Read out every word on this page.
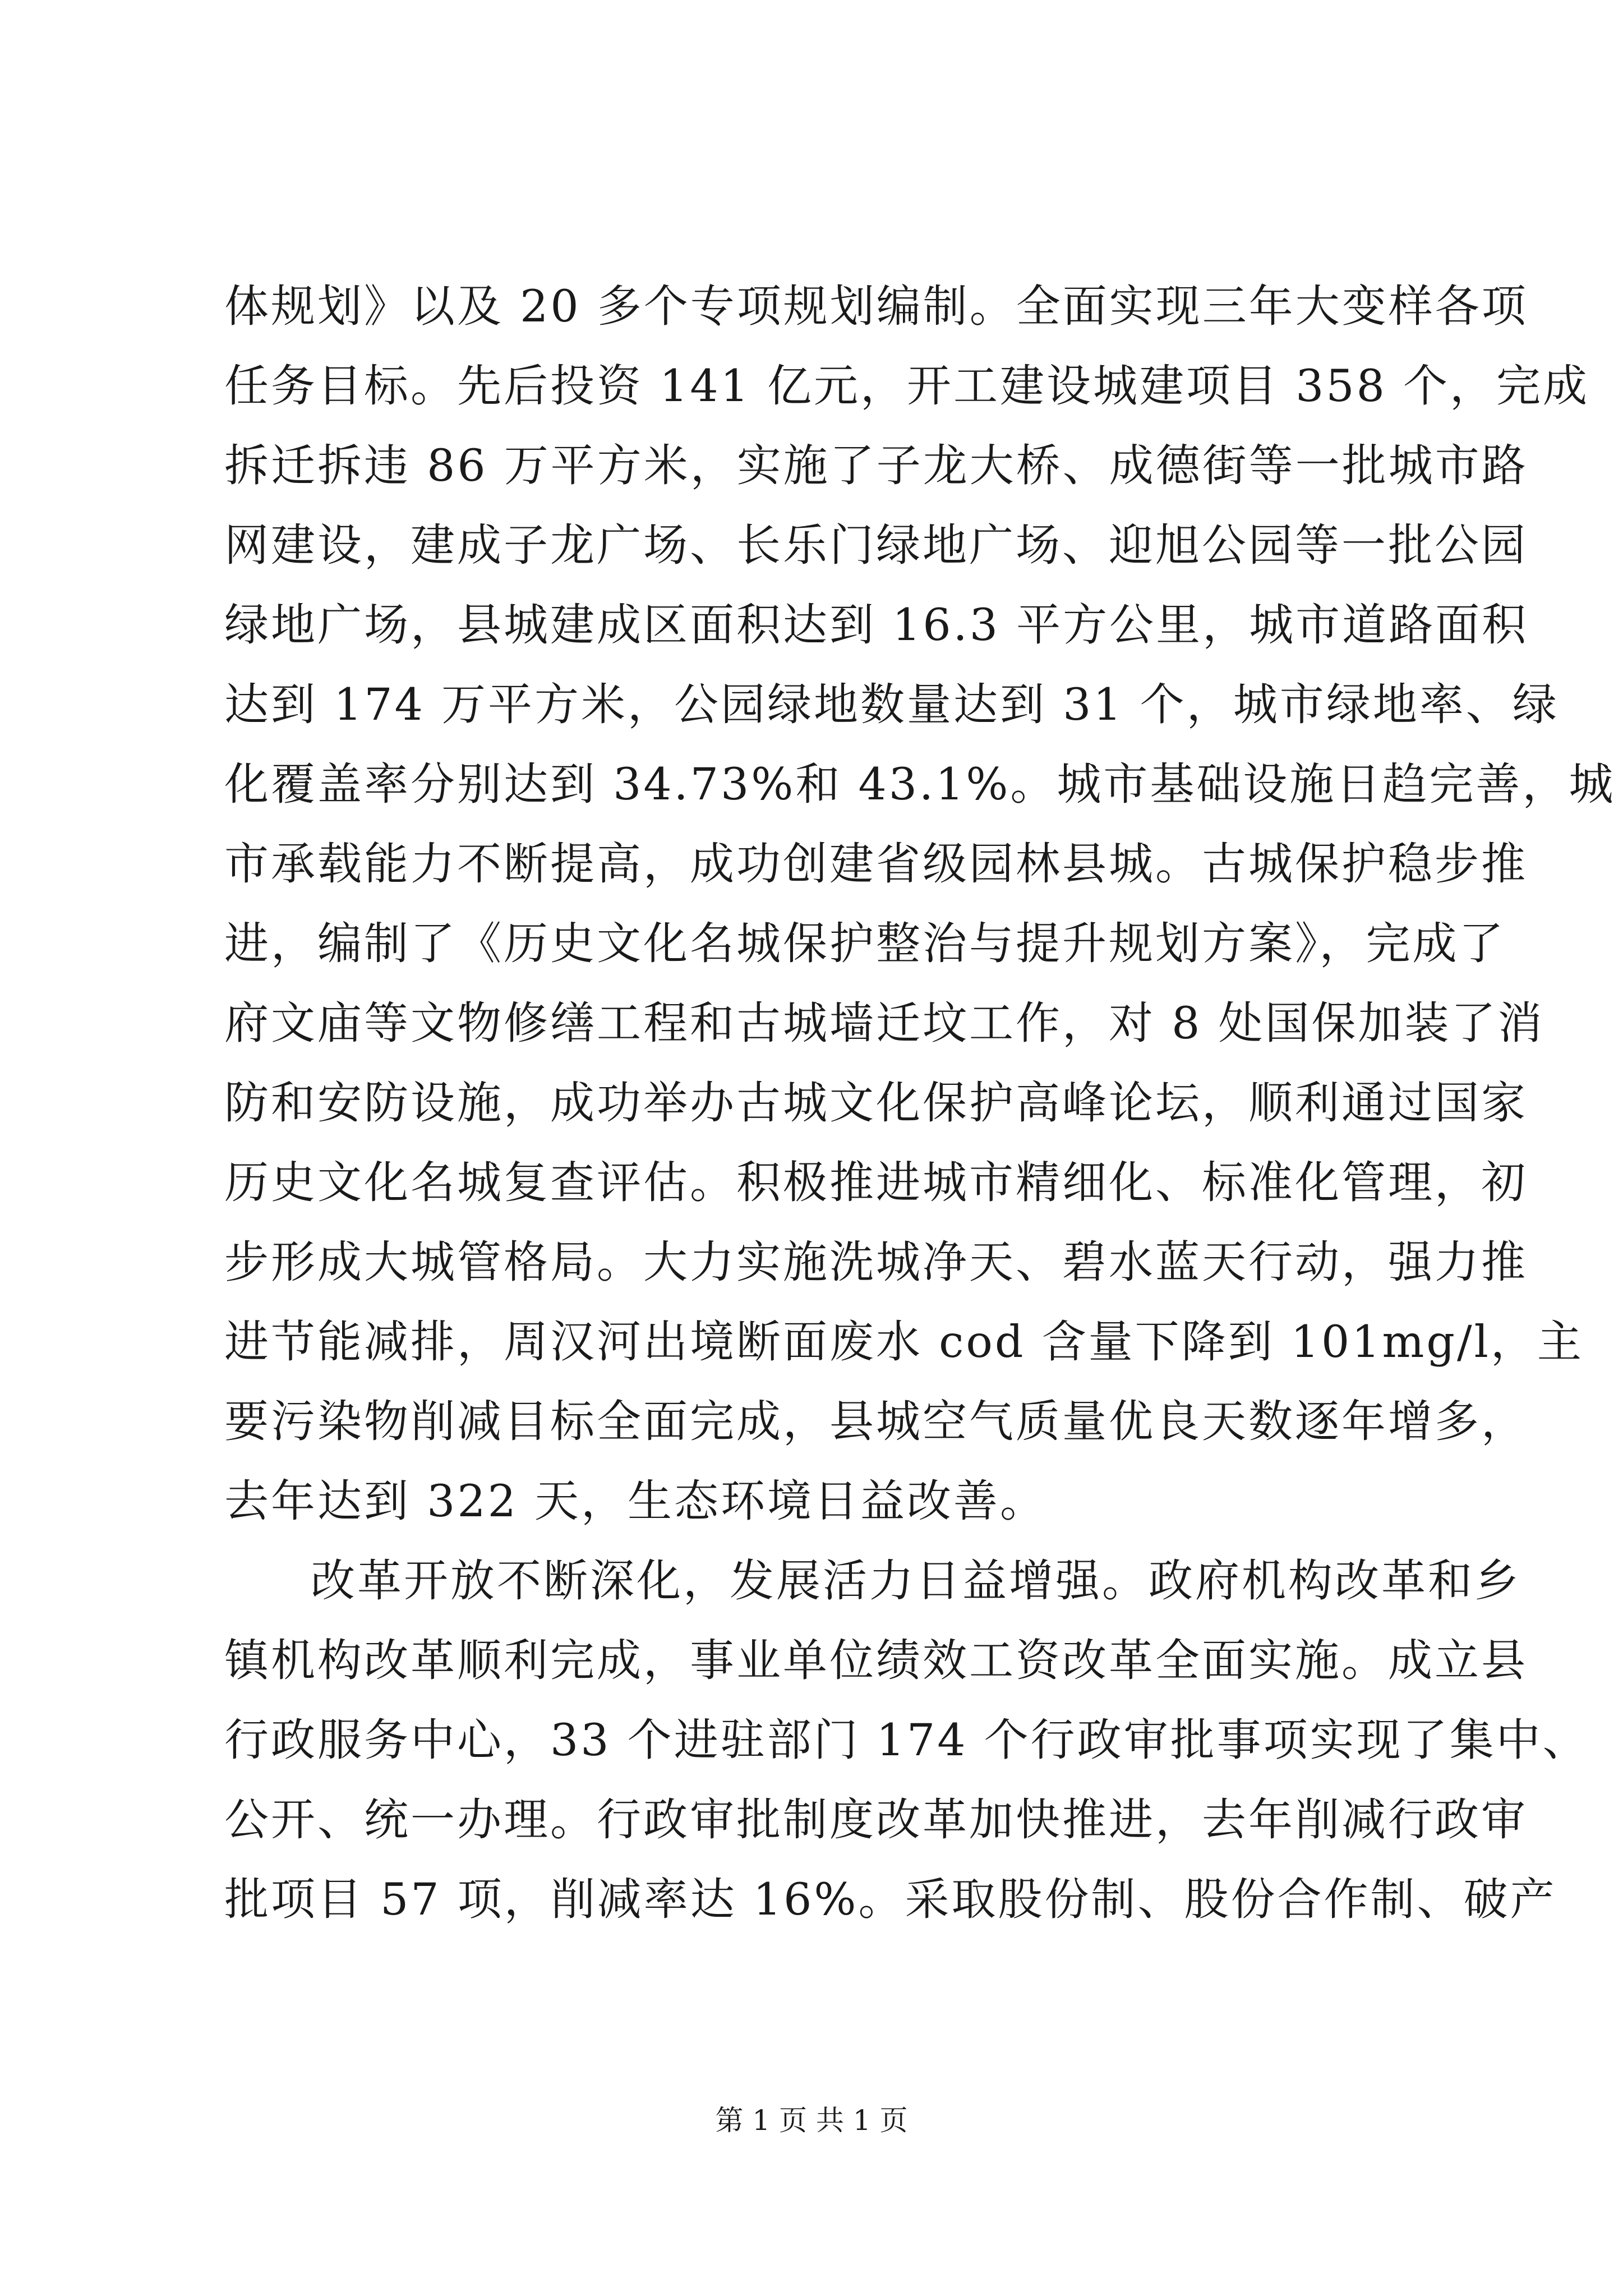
体规划》以及 20 多个专项规划编制。全面实现三年大变样各项
任务目标。先后投资 141 亿元，开工建设城建项目 358 个，完成
拆迁拆违 86 万平方米，实施了子龙大桥、成德街等一批城市路
网建设，建成子龙广场、长乐门绿地广场、迎旭公园等一批公园
绿地广场，县城建成区面积达到 16.3 平方公里，城市道路面积
达到 174 万平方米，公园绿地数量达到 31 个，城市绿地率、绿
化覆盖率分别达到 34.73%和 43.1%。城市基础设施日趋完善，城
市承载能力不断提高，成功创建省级园林县城。古城保护稳步推
进，编制了《历史文化名城保护整治与提升规划方案》，完成了
府文庙等文物修缮工程和古城墙迁坟工作，对 8 处国保加装了消
防和安防设施，成功举办古城文化保护高峰论坛，顺利通过国家
历史文化名城复查评估。积极推进城市精细化、标准化管理，初
步形成大城管格局。大力实施洗城净天、碧水蓝天行动，强力推
进节能减排，周汉河出境断面废水 cod 含量下降到 101mg/l，主
要污染物削减目标全面完成，县城空气质量优良天数逐年增多，
去年达到 322 天，生态环境日益改善。
改革开放不断深化，发展活力日益增强。政府机构改革和乡
镇机构改革顺利完成，事业单位绩效工资改革全面实施。成立县
行政服务中心，33 个进驻部门 174 个行政审批事项实现了集中、
公开、统一办理。行政审批制度改革加快推进，去年削减行政审
批项目 57 项，削减率达 16%。采取股份制、股份合作制、破产
第 1 页 共 1 页
